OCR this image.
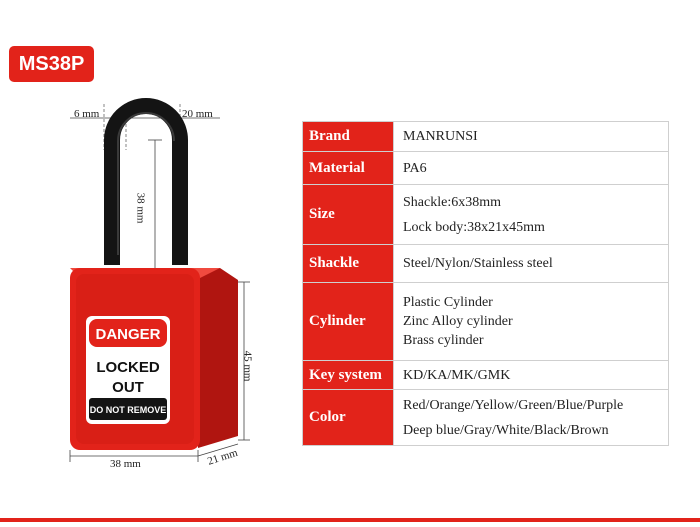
MS38P
DANGER
LOCKED
OUT
DO NOT REMOVE
6 mm	20 mm
38 mm
45 mm
38 mm	21 mm
Brand	MANRUNSI

Material	PA6

Size	Shackle:6x38mm
Lock body:38x21x45mm

Shackle	Steel/Nylon/Stainless steel

Cylinder	Plastic Cylinder
Zinc Alloy cylinder
Brass cylinder

Key system	KD/KA/MK/GMK

Color	Red/Orange/Yellow/Green/Blue/Purple
Deep blue/Gray/White/Black/Brown
